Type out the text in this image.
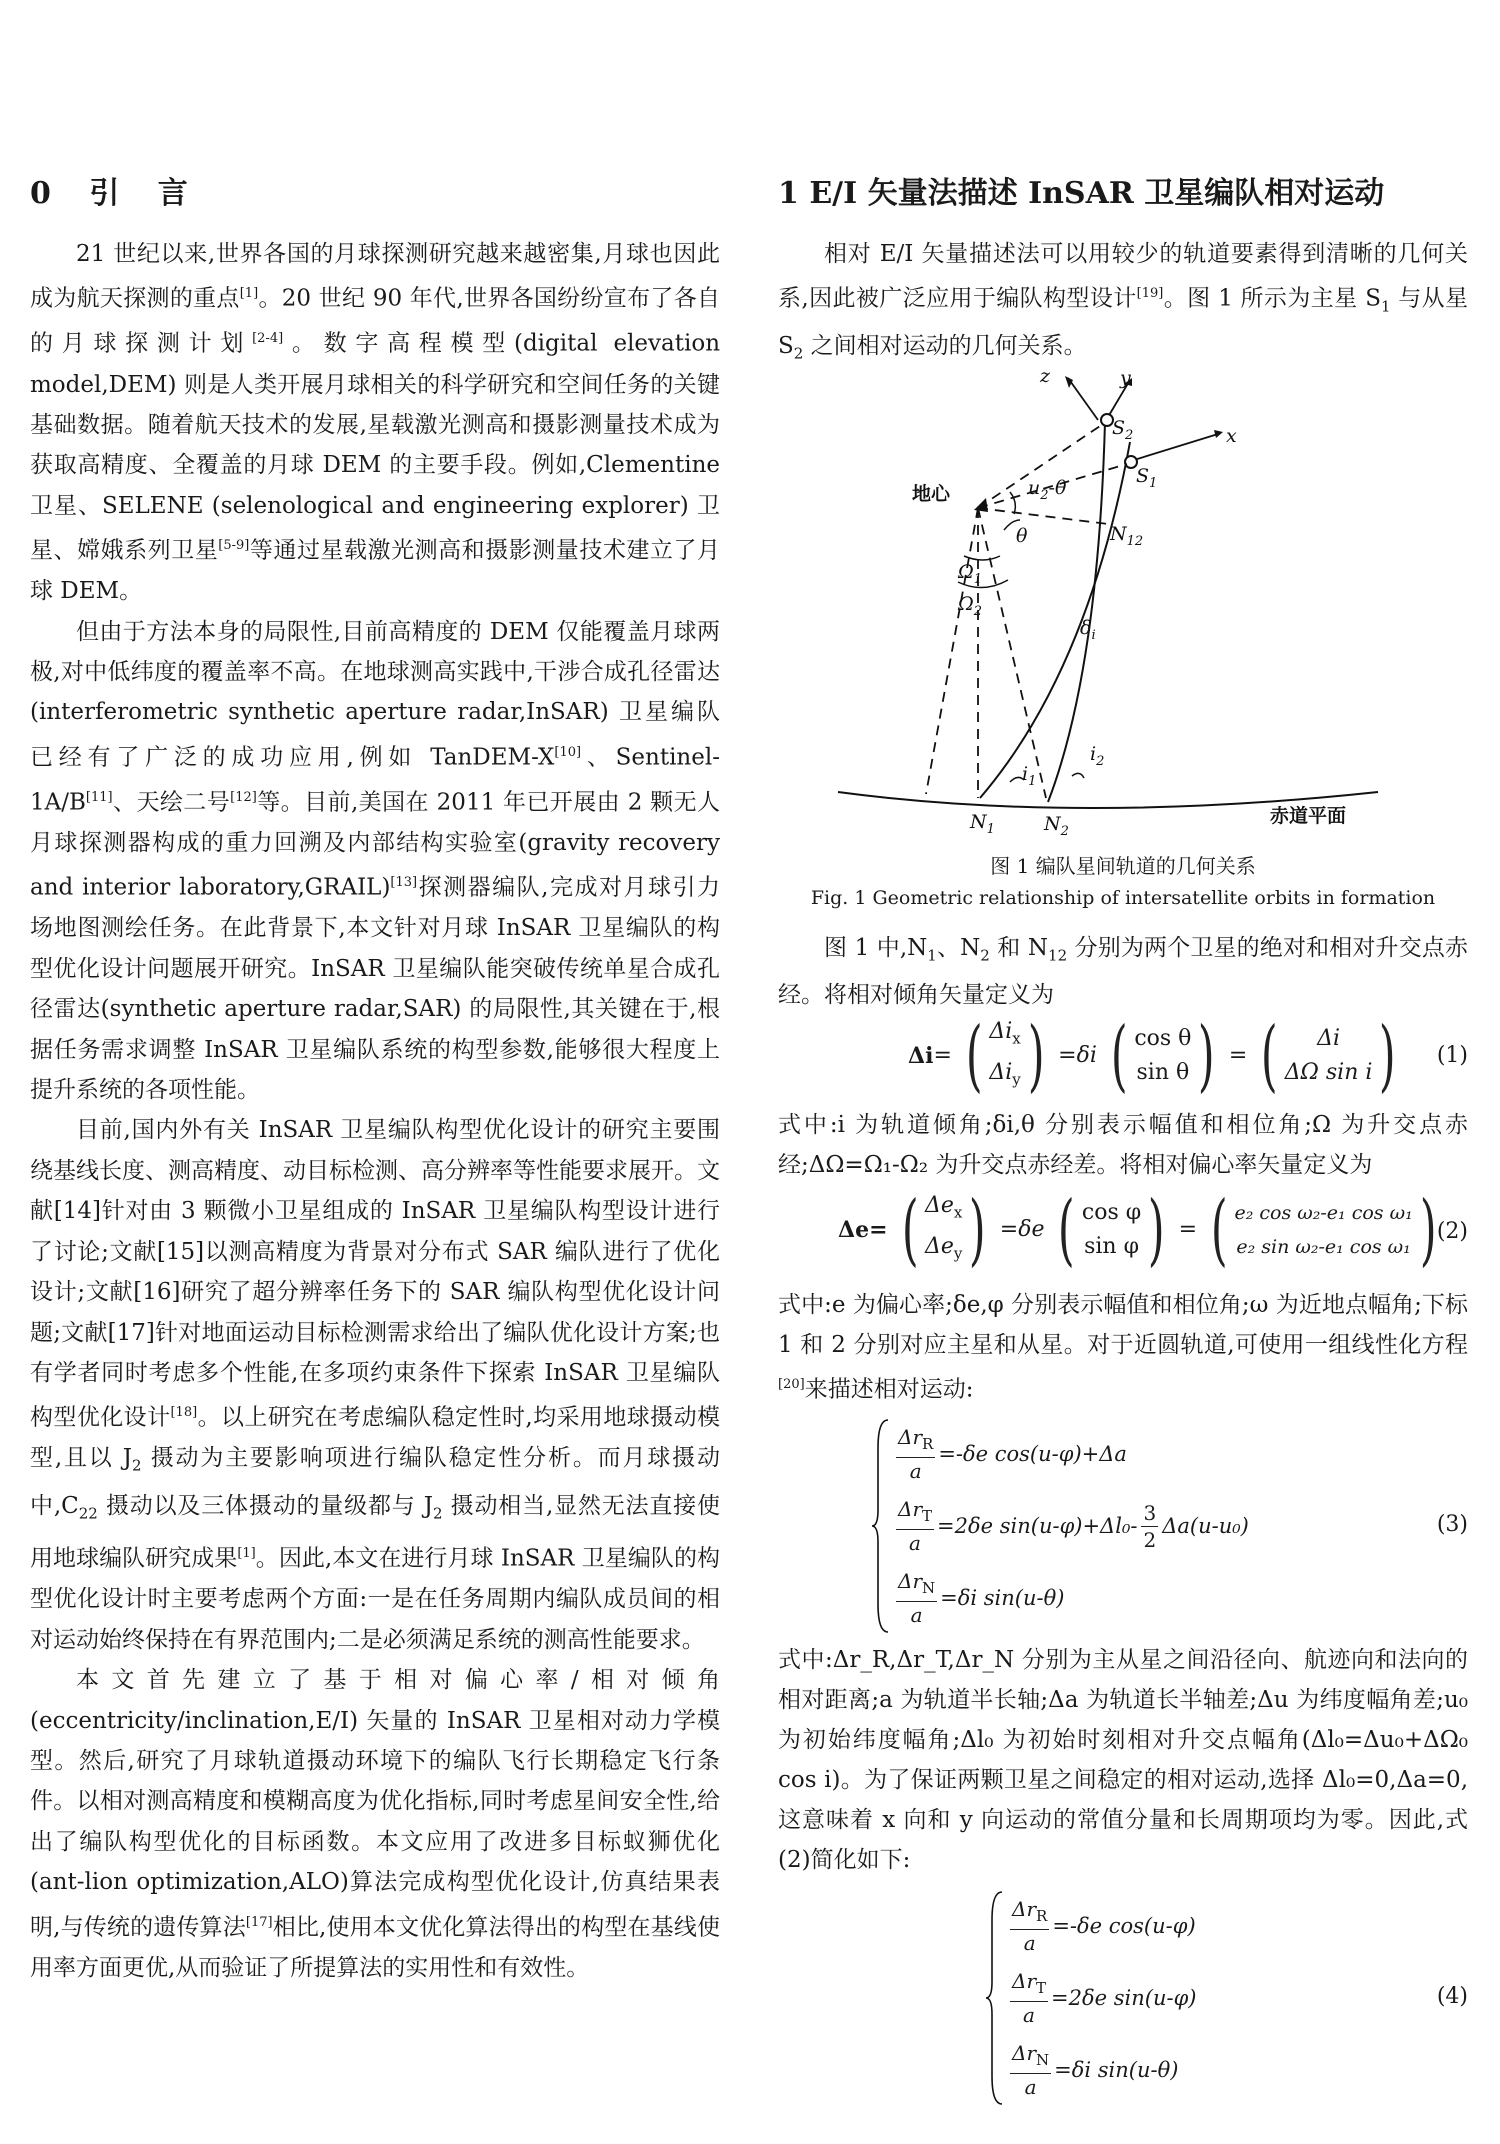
0 引 言

21 世纪以来,世界各国的月球探测研究越来越密集,月球也因此成为航天探测的重点[1]。20 世纪 90 年代,世界各国纷纷宣布了各自的月球探测计划[2-4]。数字高程模型(digital elevation model,DEM) 则是人类开展月球相关的科学研究和空间任务的关键基础数据。随着航天技术的发展,星载激光测高和摄影测量技术成为获取高精度、全覆盖的月球 DEM 的主要手段。例如,Clementine 卫星、SELENE (selenological and engineering explorer) 卫星、嫦娥系列卫星[5-9]等通过星载激光测高和摄影测量技术建立了月球 DEM。

但由于方法本身的局限性,目前高精度的 DEM 仅能覆盖月球两极,对中低纬度的覆盖率不高。在地球测高实践中,干涉合成孔径雷达(interferometric synthetic aperture radar,InSAR) 卫星编队已经有了广泛的成功应用,例如 TanDEM-X[10]、Sentinel-1A/B[11]、天绘二号[12]等。目前,美国在 2011 年已开展由 2 颗无人月球探测器构成的重力回溯及内部结构实验室(gravity recovery and interior laboratory,GRAIL)[13]探测器编队,完成对月球引力场地图测绘任务。在此背景下,本文针对月球 InSAR 卫星编队的构型优化设计问题展开研究。InSAR 卫星编队能突破传统单星合成孔径雷达(synthetic aperture radar,SAR) 的局限性,其关键在于,根据任务需求调整 InSAR 卫星编队系统的构型参数,能够很大程度上提升系统的各项性能。

目前,国内外有关 InSAR 卫星编队构型优化设计的研究主要围绕基线长度、测高精度、动目标检测、高分辨率等性能要求展开。文献[14]针对由 3 颗微小卫星组成的 InSAR 卫星编队构型设计进行了讨论;文献[15]以测高精度为背景对分布式 SAR 编队进行了优化设计;文献[16]研究了超分辨率任务下的 SAR 编队构型优化设计问题;文献[17]针对地面运动目标检测需求给出了编队优化设计方案;也有学者同时考虑多个性能,在多项约束条件下探索 InSAR 卫星编队构型优化设计[18]。以上研究在考虑编队稳定性时,均采用地球摄动模型,且以 $J_2$ 摄动为主要影响项进行编队稳定性分析。而月球摄动中$,C_{22}$ 摄动以及三体摄动的量级都与 $J_2$ 摄动相当,显然无法直接使用地球编队研究成果[1]。因此,本文在进行月球 InSAR 卫星编队的构型优化设计时主要考虑两个方面:一是在任务周期内编队成员间的相对运动始终保持在有界范围内;二是必须满足系统的测高性能要求。

本文首先建立了基于相对偏心率/相对倾角(eccentricity/inclination,E/I) 矢量的 InSAR 卫星相对动力学模型。然后,研究了月球轨道摄动环境下的编队飞行长期稳定飞行条件。以相对测高精度和模糊高度为优化指标,同时考虑星间安全性,给出了编队构型优化的目标函数。本文应用了改进多目标蚁狮优化(ant-lion optimization,ALO)算法完成构型优化设计,仿真结果表明,与传统的遗传算法[17]相比,使用本文优化算法得出的构型在基线使用率方面更优,从而验证了所提算法的实用性和有效性。

1 E/I 矢量法描述 InSAR 卫星编队相对运动

相对 E/I 矢量描述法可以用较少的轨道要素得到清晰的几何关系,因此被广泛应用于编队构型设计[19]。图 1 所示为主星 $S_1$ 与从星 $S_2$ 之间相对运动的几何关系。

z	y
x
$S_2$
$S_1$
地心	$u_2-\theta$
θ	$N_{12}$
$\Omega_1$
$\Omega_2$
$\delta_i$
$i_1$
$i_2$
$N_1$	$N_2$
赤道平面
图 1 编队星间轨道的几何关系
Fig. 1 Geometric relationship of intersatellite orbits in formation

图 1 中$,N_1$、$N_2$ 和 $N_{12}$ 分别为两个卫星的绝对和相对升交点赤经。将相对倾角矢量定义为

Δi= ( $\Delta i_x$
$\Delta i_y) =\delta i$ ( cos θ
sin θ ) = ( Δi
ΔΩ sin i) (1)

式中:i 为轨道倾角;δi,θ 分别表示幅值和相位角;Ω 为升交点赤经;ΔΩ=Ω₁-Ω₂ 为升交点赤经差。将相对偏心率矢量定义为

Δe= ( $\Delta e_x$
$\Delta e_y) =\delta e$ ( cos φ
sin φ ) = ( e₂ cos ω₂-e₁ cos ω₁
e₂ sin ω₂-e₁ cos ω₁ ) (2)

式中:e 为偏心率;δe,φ 分别表示幅值和相位角;ω 为近地点幅角;下标 1 和 2 分别对应主星和从星。对于近圆轨道,可使用一组线性化方程[20]来描述相对运动:

$\frac{\Delta r_R}{a} =-\delta e$ cos(u-φ)+Δa
$\frac{\Delta r_T}{a} =2\delta e$ $\sin(u-\varphi)+\Delta l_0- \frac{3}{2} \Delta a(u-u_0)$
$\frac{\Delta r_N}{a} =\delta i$ sin(u-θ)
(3)

式中:Δr_R,Δr_T,Δr_N 分别为主从星之间沿径向、航迹向和法向的相对距离;a 为轨道半长轴;Δa 为轨道长半轴差;Δu 为纬度幅角差;u₀ 为初始纬度幅角;Δl₀ 为初始时刻相对升交点幅角(Δl₀=Δu₀+ΔΩ₀ cos i)。为了保证两颗卫星之间稳定的相对运动,选择 Δl₀=0,Δa=0,这意味着 x 向和 y 向运动的常值分量和长周期项均为零。因此,式(2)简化如下:

$\frac{\Delta r_R}{a} =-\delta e$ cos(u-φ)
$\frac{\Delta r_T}{a} =2\delta e$ sin(u-φ)
$\frac{\Delta r_N}{a} =\delta i$ sin(u-θ)
(4)
